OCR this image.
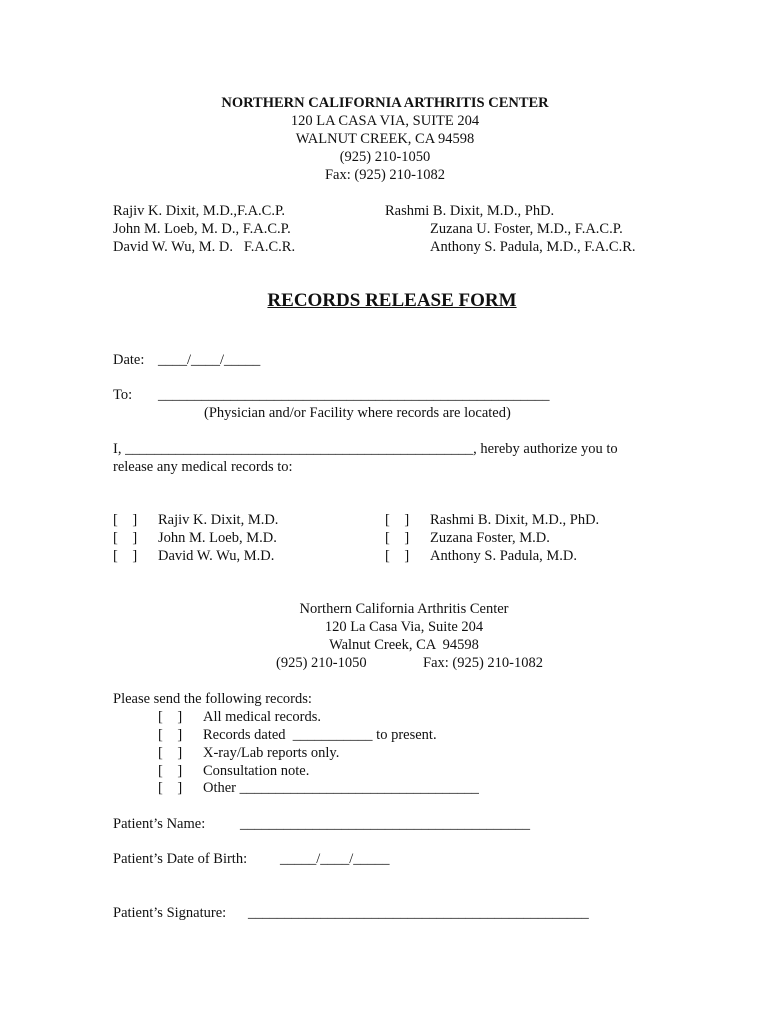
NORTHERN CALIFORNIA ARTHRITIS CENTER
120 LA CASA VIA, SUITE 204
WALNUT CREEK, CA 94598
(925) 210-1050
Fax: (925) 210-1082
Rajiv K. Dixit, M.D.,F.A.C.P.
John M. Loeb, M. D., F.A.C.P.
David W. Wu, M. D.   F.A.C.R.
Rashmi B. Dixit, M.D., PhD.
Zuzana U. Foster, M.D., F.A.C.P.
Anthony S. Padula, M.D., F.A.C.R.
RECORDS RELEASE FORM
Date: ____/____/_____
To: ______________________________________________________
(Physician and/or Facility where records are located)
I, ________________________________________________, hereby authorize you to
release any medical records to:
[    ]
[    ]
[    ]
Rajiv K. Dixit, M.D.
John M. Loeb, M.D.
David W. Wu, M.D.
[    ]
[    ]
[    ]
Rashmi B. Dixit, M.D., PhD.
Zuzana Foster, M.D.
Anthony S. Padula, M.D.
Northern California Arthritis Center
120 La Casa Via, Suite 204
Walnut Creek, CA  94598
(925) 210-1050	Fax: (925) 210-1082
Please send the following records:
[    ]
[    ]
[    ]
[    ]
[    ]
All medical records.
Records dated  ___________ to present.
X-ray/Lab reports only.
Consultation note.
Other _________________________________
Patient’s Name: ________________________________________
Patient’s Date of Birth: _____/____/_____
Patient’s Signature: _______________________________________________
